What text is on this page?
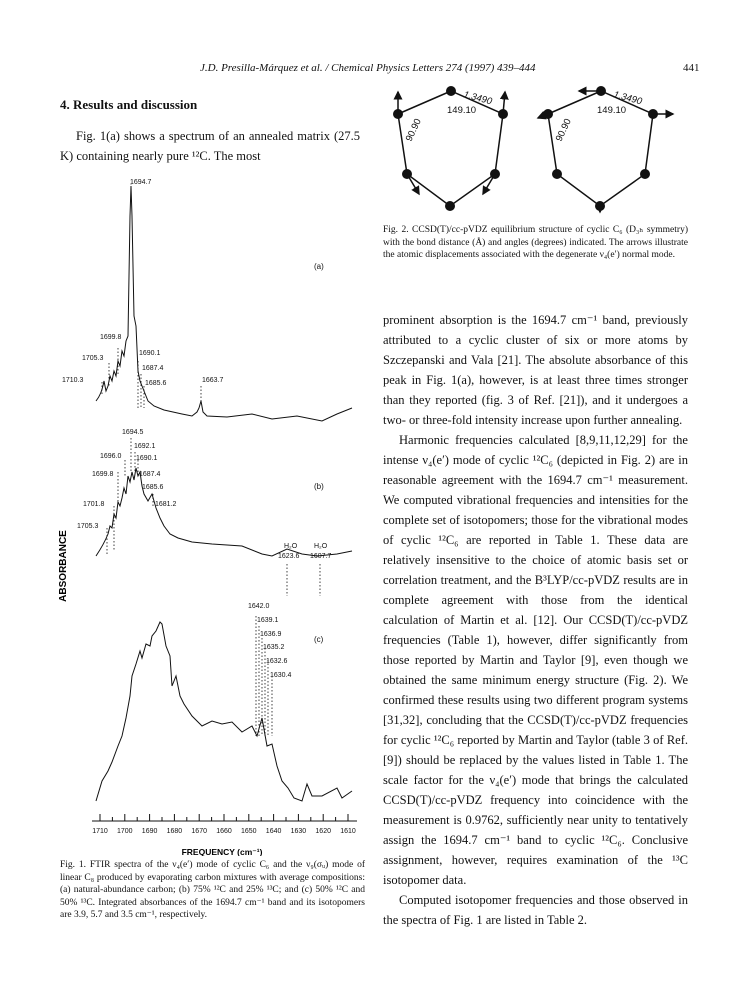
J.D. Presilla-Márquez et al. / Chemical Physics Letters 274 (1997) 439–444	441
4. Results and discussion
Fig. 1(a) shows a spectrum of an annealed matrix (27.5 K) containing nearly pure ¹²C. The most
ABSORBANCE
1694.7
1699.8
1705.3
1710.3
1690.1
1687.4
1685.6	1663.7
(a)
1694.5
1692.1
1696.0 1690.1
1699.8	1687.4
1685.6
1701.8	1681.2
1705.3
H₂O H₂O
1623.6 1607.7
(b)
1642.0
1639.1
1636.9
1635.2
1632.6
1630.4
(c)
1710 1700 1690 1680 1670 1660 1650 1640 1630 1620 1610
FREQUENCY (cm⁻¹)
Fig. 1. FTIR spectra of the ν₄(e′) mode of cyclic C₆ and the ν₉(σᵤ) mode of linear C₈ produced by evaporating carbon mixtures with average compositions: (a) natural-abundance carbon; (b) 75% ¹²C and 25% ¹³C; and (c) 50% ¹²C and 50% ¹³C. Integrated absorbances of the 1694.7 cm⁻¹ band and its isotopomers are 3.9, 5.7 and 3.5 cm⁻¹, respectively.
1.3490
149.10
90.90
1.3490
149.10
90.90
Fig. 2. CCSD(T)/cc-pVDZ equilibrium structure of cyclic C₆ (D₃ₕ symmetry) with the bond distance (Å) and angles (degrees) indicated. The arrows illustrate the atomic displacements associated with the degenerate ν₄(e′) normal mode.

prominent absorption is the 1694.7 cm⁻¹ band, previously attributed to a cyclic cluster of six or more atoms by Szczepanski and Vala [21]. The absolute absorbance of this peak in Fig. 1(a), however, is at least three times stronger than they reported (fig. 3 of Ref. [21]), and it undergoes a two- or three-fold intensity increase upon further annealing.

Harmonic frequencies calculated [8,9,11,12,29] for the intense ν₄(e′) mode of cyclic ¹²C₆ (depicted in Fig. 2) are in reasonable agreement with the 1694.7 cm⁻¹ measurement. We computed vibrational frequencies and intensities for the complete set of isotopomers; those for the vibrational modes of cyclic ¹²C₆ are reported in Table 1. These data are relatively insensitive to the choice of atomic basis set or correlation treatment, and the B³LYP/cc-pVDZ results are in complete agreement with those from the identical calculation of Martin et al. [12]. Our CCSD(T)/cc-pVDZ frequencies (Table 1), however, differ significantly from those reported by Martin and Taylor [9], even though we obtained the same minimum energy structure (Fig. 2). We confirmed these results using two different program systems [31,32], concluding that the CCSD(T)/cc-pVDZ frequencies for cyclic ¹²C₆ reported by Martin and Taylor (table 3 of Ref. [9]) should be replaced by the values listed in Table 1. The scale factor for the ν₄(e′) mode that brings the calculated CCSD(T)/cc-pVDZ frequency into coincidence with the measurement is 0.9762, sufficiently near unity to tentatively assign the 1694.7 cm⁻¹ band to cyclic ¹²C₆. Conclusive assignment, however, requires examination of the ¹³C isotopomer data.

Computed isotopomer frequencies and those observed in the spectra of Fig. 1 are listed in Table 2.
